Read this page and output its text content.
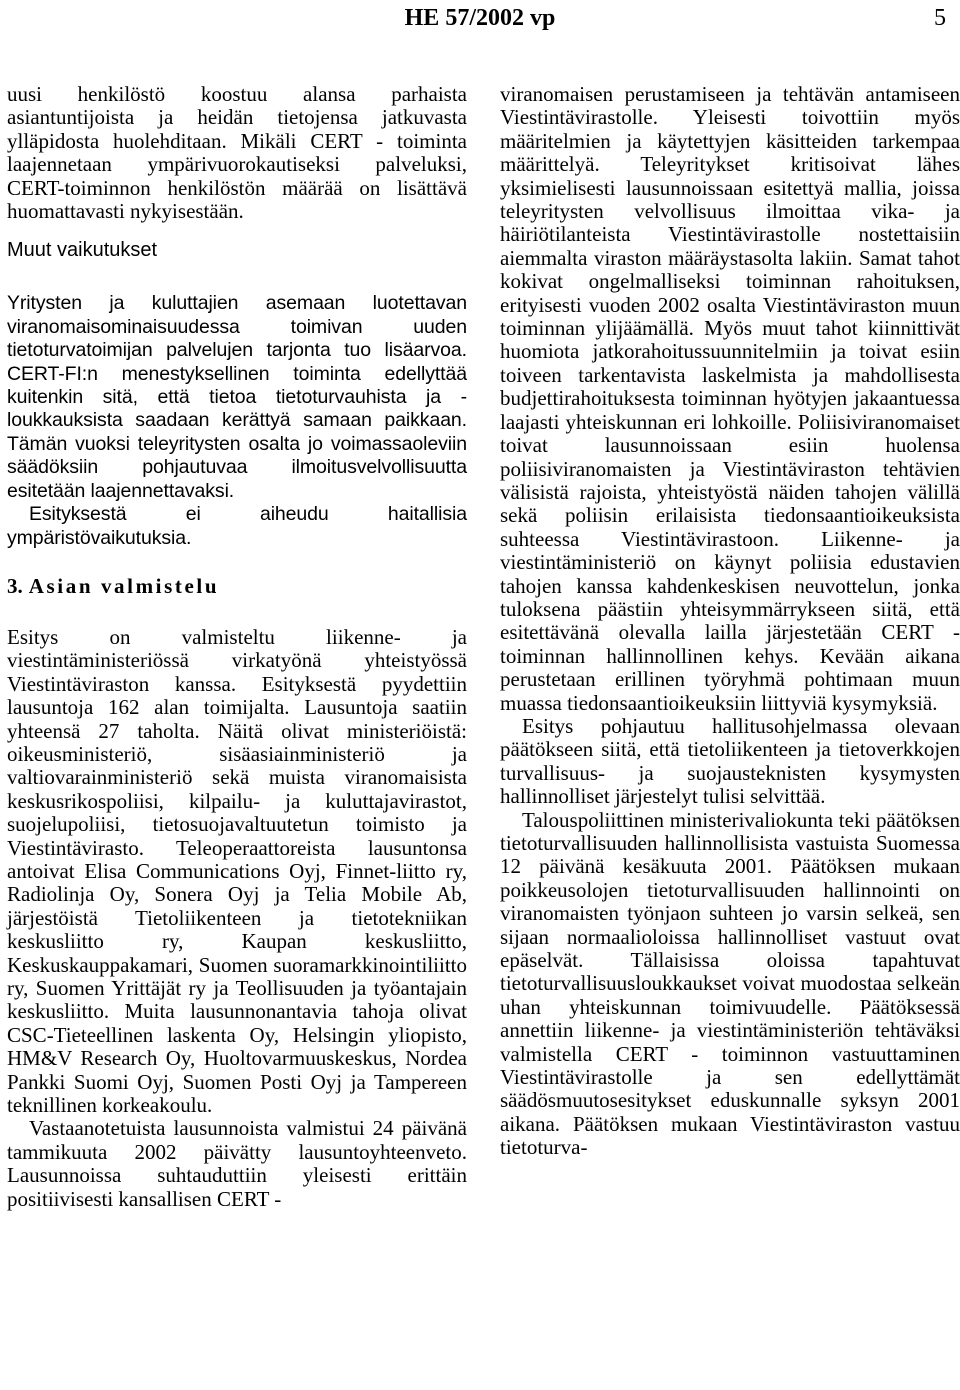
HE 57/2002 vp	5

uusi henkilöstö koostuu alansa parhaista asiantuntijoista ja heidän tietojensa jatkuvasta ylläpidosta huolehditaan. Mikäli CERT - toiminta laajennetaan ympärivuorokautiseksi palveluksi, CERT-toiminnon henkilöstön määrää on lisättävä huomattavasti nykyisestään.

Muut vaikutukset

Yritysten ja kuluttajien asemaan luotettavan viranomaisominaisuudessa toimivan uuden tietoturvatoimijan palvelujen tarjonta tuo lisäarvoa. CERT-FI:n menestyksellinen toiminta edellyttää kuitenkin sitä, että tietoa tietoturvauhista ja -loukkauksista saadaan kerättyä samaan paikkaan. Tämän vuoksi teleyritysten osalta jo voimassaoleviin säädöksiin pohjautuvaa ilmoitusvelvollisuutta esitetään laajennettavaksi.

Esityksestä ei aiheudu haitallisia ympäristövaikutuksia.

3. Asian valmistelu

Esitys on valmisteltu liikenne- ja viestintäministeriössä virkatyönä yhteistyössä Viestintäviraston kanssa. Esityksestä pyydettiin lausuntoja 162 alan toimijalta. Lausuntoja saatiin yhteensä 27 taholta. Näitä olivat ministeriöistä: oikeusministeriö, sisäasiainministeriö ja valtiovarainministeriö sekä muista viranomaisista keskusrikospoliisi, kilpailu- ja kuluttajavirastot, suojelupoliisi, tietosuojavaltuutetun toimisto ja Viestintävirasto. Teleoperaattoreista lausuntonsa antoivat Elisa Communications Oyj, Finnet-liitto ry, Radiolinja Oy, Sonera Oyj ja Telia Mobile Ab, järjestöistä Tietoliikenteen ja tietotekniikan keskusliitto ry, Kaupan keskusliitto, Keskuskauppakamari, Suomen suoramarkkinointiliitto ry, Suomen Yrittäjät ry ja Teollisuuden ja työantajain keskusliitto. Muita lausunnonantavia tahoja olivat CSC-Tieteellinen laskenta Oy, Helsingin yliopisto, HM&V Research Oy, Huoltovarmuuskeskus, Nordea Pankki Suomi Oyj, Suomen Posti Oyj ja Tampereen teknillinen korkeakoulu.

Vastaanotetuista lausunnoista valmistui 24 päivänä tammikuuta 2002 päivätty lausuntoyhteenveto. Lausunnoissa suhtauduttiin yleisesti erittäin positiivisesti kansallisen CERT -

viranomaisen perustamiseen ja tehtävän antamiseen Viestintävirastolle. Yleisesti toivottiin myös määritelmien ja käytettyjen käsitteiden tarkempaa määrittelyä. Teleyritykset kritisoivat lähes yksimielisesti lausunnoissaan esitettyä mallia, joissa teleyritysten velvollisuus ilmoittaa vika- ja häiriötilanteista Viestintävirastolle nostettaisiin aiemmalta viraston määräystasolta lakiin. Samat tahot kokivat ongelmalliseksi toiminnan rahoituksen, erityisesti vuoden 2002 osalta Viestintäviraston muun toiminnan ylijäämällä. Myös muut tahot kiinnittivät huomiota jatkorahoitussuunnitelmiin ja toivat esiin toiveen tarkentavista laskelmista ja mahdollisesta budjettirahoituksesta toiminnan hyötyjen jakaantuessa laajasti yhteiskunnan eri lohkoille. Poliisiviranomaiset toivat lausunnoissaan esiin huolensa poliisiviranomaisten ja Viestintäviraston tehtävien välisistä rajoista, yhteistyöstä näiden tahojen välillä sekä poliisin erilaisista tiedonsaantioikeuksista suhteessa Viestintävirastoon. Liikenne- ja viestintäministeriö on käynyt poliisia edustavien tahojen kanssa kahdenkeskisen neuvottelun, jonka tuloksena päästiin yhteisymmärrykseen siitä, että esitettävänä olevalla lailla järjestetään CERT - toiminnan hallinnollinen kehys. Kevään aikana perustetaan erillinen työryhmä pohtimaan muun muassa tiedonsaantioikeuksiin liittyviä kysymyksiä.

Esitys pohjautuu hallitusohjelmassa olevaan päätökseen siitä, että tietoliikenteen ja tietoverkkojen turvallisuus- ja suojausteknisten kysymysten hallinnolliset järjestelyt tulisi selvittää.

Talouspoliittinen ministerivaliokunta teki päätöksen tietoturvallisuuden hallinnollisista vastuista Suomessa 12 päivänä kesäkuuta 2001. Päätöksen mukaan poikkeusolojen tietoturvallisuuden hallinnointi on viranomaisten työnjaon suhteen jo varsin selkeä, sen sijaan normaalioloissa hallinnolliset vastuut ovat epäselvät. Tällaisissa oloissa tapahtuvat tietoturvallisuusloukkaukset voivat muodostaa selkeän uhan yhteiskunnan toimivuudelle. Päätöksessä annettiin liikenne- ja viestintäministeriön tehtäväksi valmistella CERT - toiminnon vastuuttaminen Viestintävirastolle ja sen edellyttämät säädösmuutosesitykset eduskunnalle syksyn 2001 aikana. Päätöksen mukaan Viestintäviraston vastuu tietoturva-
